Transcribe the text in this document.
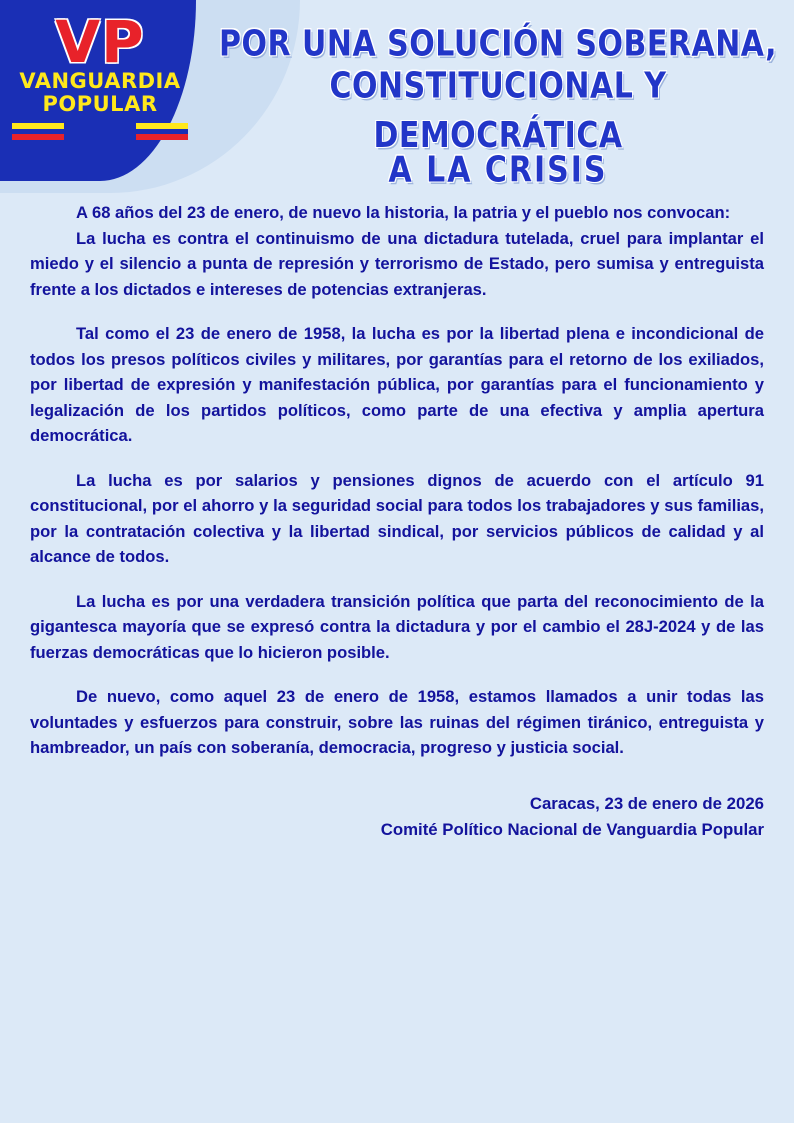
VP
VANGUARDIA
POPULAR
POR UNA SOLUCIÓN SOBERANA,
CONSTITUCIONAL Y DEMOCRÁTICA
A LA CRISIS

A 68 años del 23 de enero, de nuevo la historia, la patria y el pueblo nos convocan:

La lucha es contra el continuismo de una dictadura tutelada, cruel para implantar el miedo y el silencio a punta de represión y terrorismo de Estado, pero sumisa y entreguista frente a los dictados e intereses de potencias extranjeras.

Tal como el 23 de enero de 1958, la lucha es por la libertad plena e incondicional de todos los presos políticos civiles y militares, por garantías para el retorno de los exiliados, por libertad de expresión y manifestación pública, por garantías para el funcionamiento y legalización de los partidos políticos, como parte de una efectiva y amplia apertura democrática.

La lucha es por salarios y pensiones dignos de acuerdo con el artículo 91 constitucional, por el ahorro y la seguridad social para todos los trabajadores y sus familias, por la contratación colectiva y la libertad sindical, por servicios públicos de calidad y al alcance de todos.

La lucha es por una verdadera transición política que parta del reconocimiento de la gigantesca mayoría que se expresó contra la dictadura y por el cambio el 28J-2024 y de las fuerzas democráticas que lo hicieron posible.

De nuevo, como aquel 23 de enero de 1958, estamos llamados a unir todas las voluntades y esfuerzos para construir, sobre las ruinas del régimen tiránico, entreguista y hambreador, un país con soberanía, democracia, progreso y justicia social.

Caracas, 23 de enero de 2026
Comité Político Nacional de Vanguardia Popular
